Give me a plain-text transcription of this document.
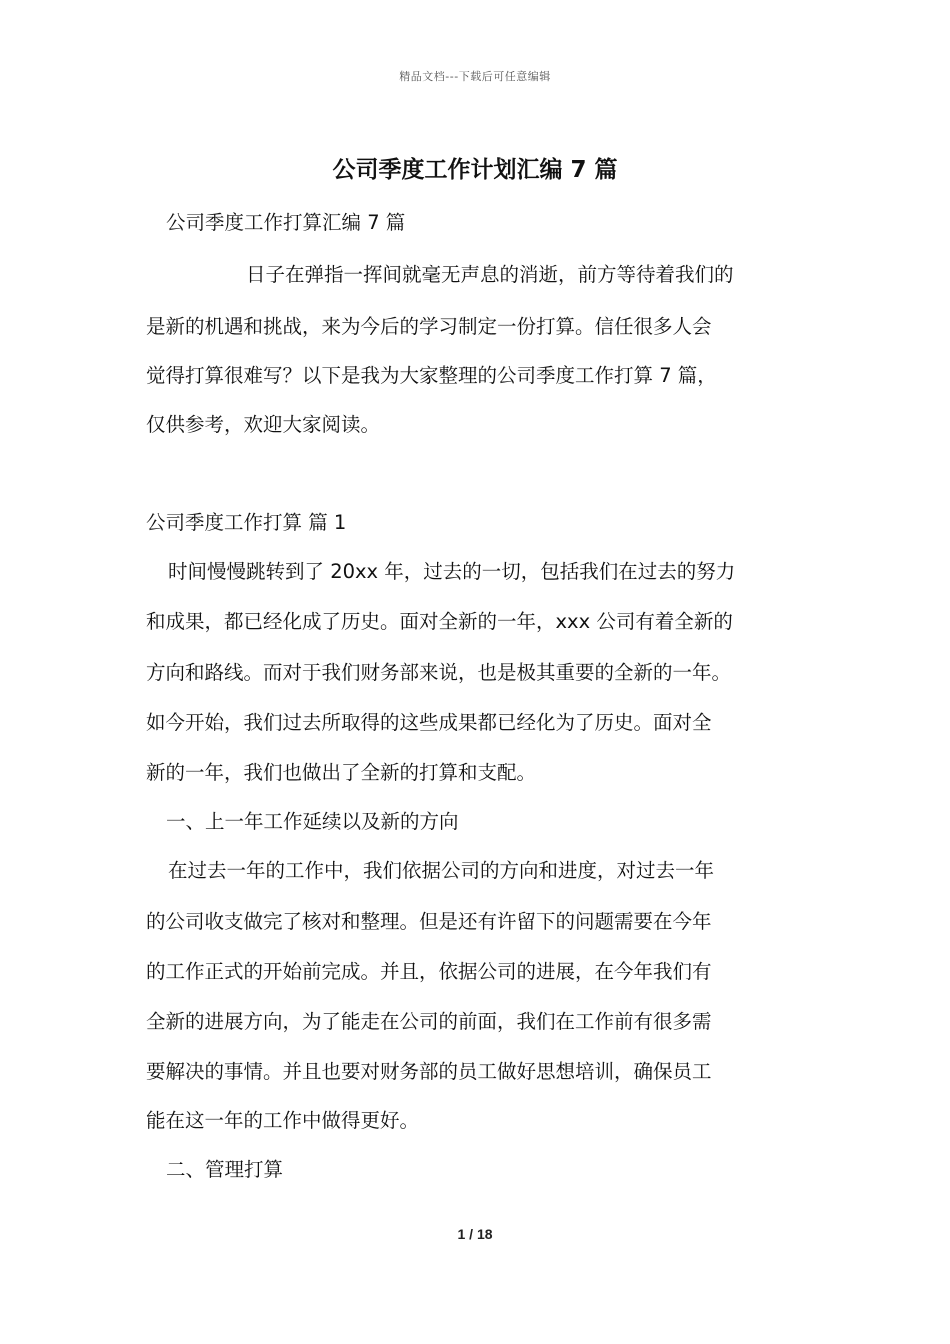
精品文档---下载后可任意编辑
公司季度工作计划汇编 7 篇
公司季度工作打算汇编 7 篇
日子在弹指一挥间就毫无声息的消逝，前方等待着我们的
是新的机遇和挑战，来为今后的学习制定一份打算。信任很多人会
觉得打算很难写？以下是我为大家整理的公司季度工作打算 7 篇，
仅供参考，欢迎大家阅读。
公司季度工作打算 篇 1
时间慢慢跳转到了 20xx 年，过去的一切，包括我们在过去的努力
和成果，都已经化成了历史。面对全新的一年，xxx 公司有着全新的
方向和路线。而对于我们财务部来说，也是极其重要的全新的一年。
如今开始，我们过去所取得的这些成果都已经化为了历史。面对全
新的一年，我们也做出了全新的打算和支配。
一、上一年工作延续以及新的方向
在过去一年的工作中，我们依据公司的方向和进度，对过去一年
的公司收支做完了核对和整理。但是还有许留下的问题需要在今年
的工作正式的开始前完成。并且，依据公司的进展，在今年我们有
全新的进展方向，为了能走在公司的前面，我们在工作前有很多需
要解决的事情。并且也要对财务部的员工做好思想培训，确保员工
能在这一年的工作中做得更好。
二、管理打算
1 / 18
